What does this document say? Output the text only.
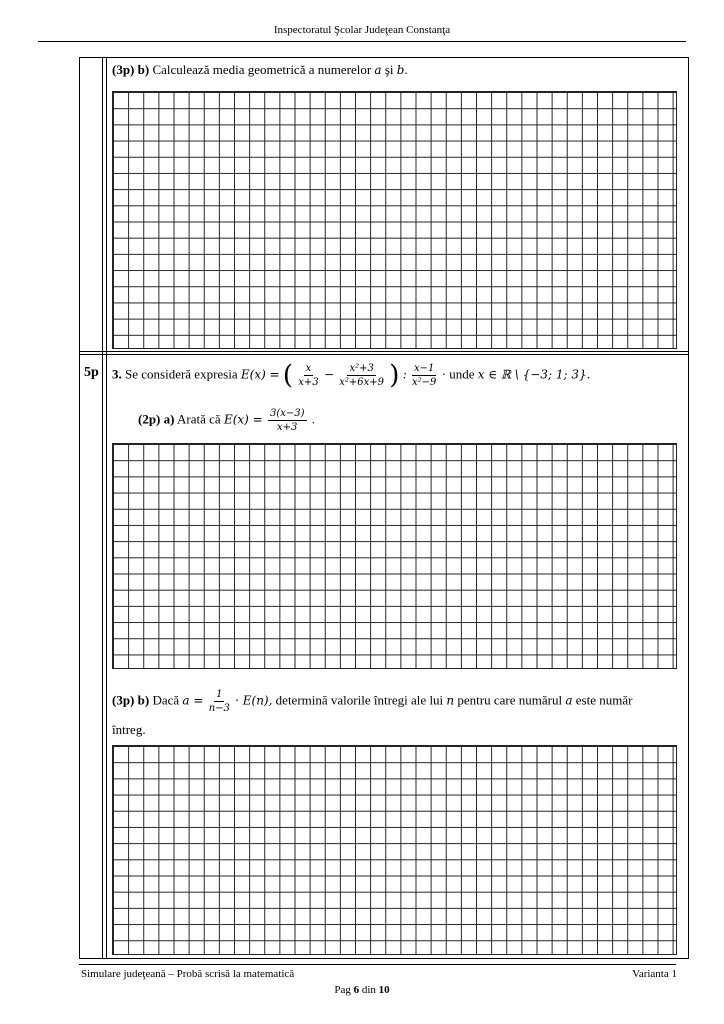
Inspectoratul Şcolar Judeţean Constanţa
(3p) b) Calculează media geometrică a numerelor a şi b.
5p 3. Se consideră expresia E(x) = ( $\frac{x}{x+3} - \frac{\text{x²+3}}{\text{x²+6x+9}}$ ) : $\frac{x-1}{\text{x²−9}}$ · unde x ∈ ℝ \ {−3; 1; 3}.
(2p) a) Arată că $E(x) = \frac{3(x-3)}{x+3}$ .
(3p) b) Dacă $a = \frac{1}{n-3} \cdot E(n)$, determină valorile întregi ale lui n pentru care numărul a este număr
întreg.
Simulare judeţeană – Probă scrisă la matematică	Varianta 1
Pag 6 din 10
